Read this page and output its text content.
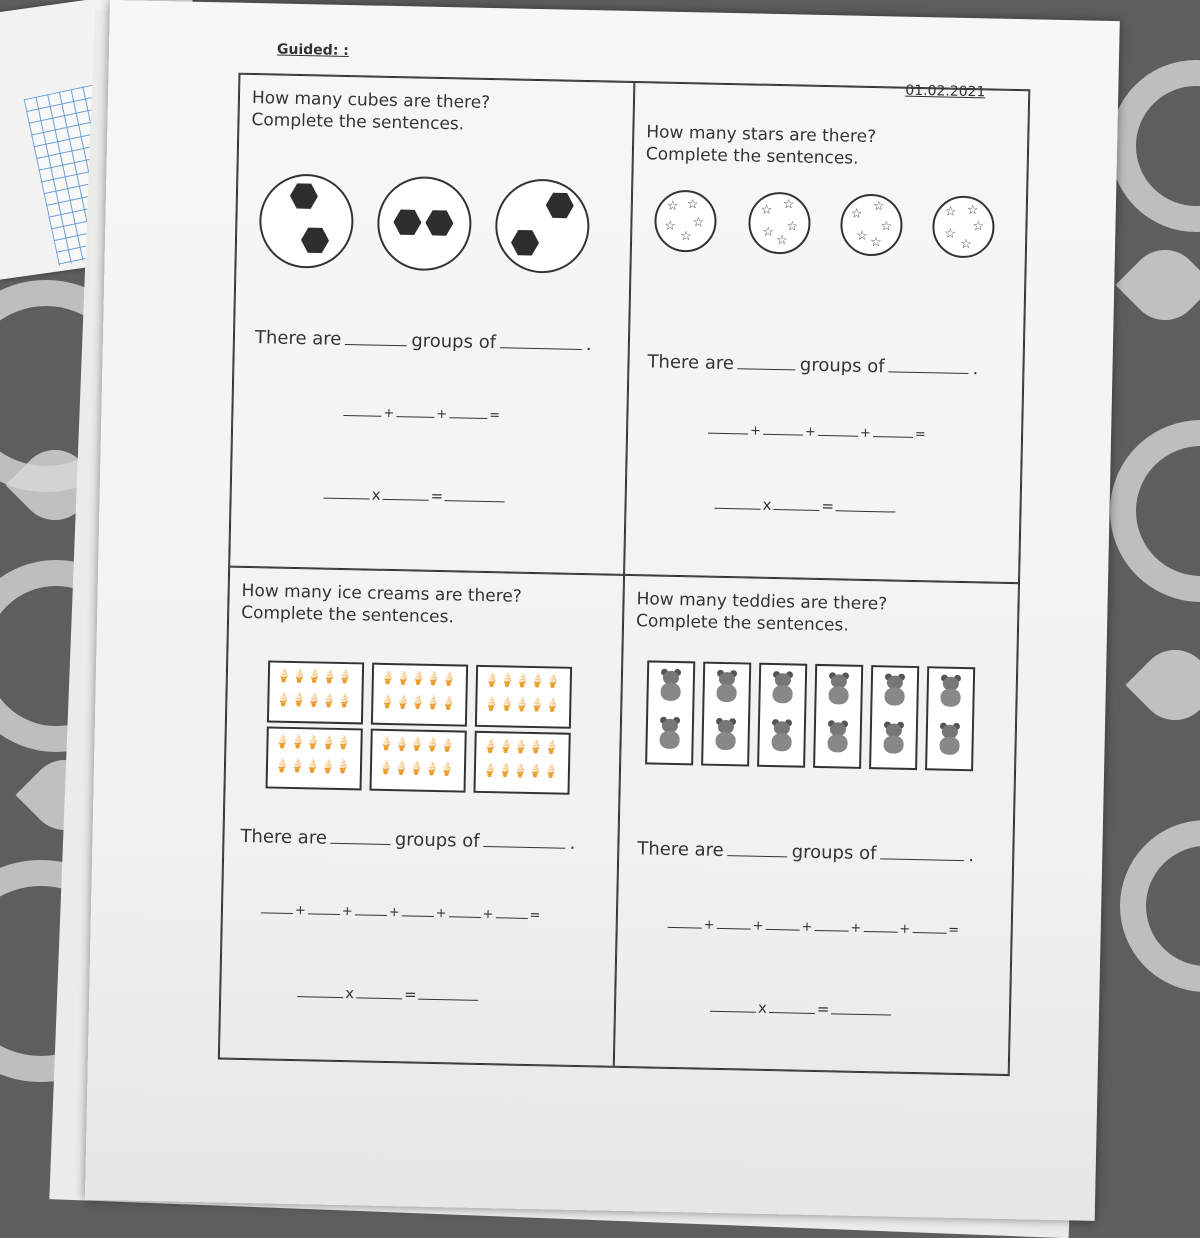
Guided: :
01.02.2021
How many cubes are there?
Complete the sentences.
There are	groups of	.
+	+	=
x	=
How many stars are there?
Complete the sentences.
☆ ☆
☆ ☆
☆
☆ ☆
☆ ☆
☆
☆ ☆
☆
☆
☆
☆ ☆
☆ ☆
☆
There are	groups of	.
+	+	+	=
x	=
How many ice creams are there?
Complete the sentences.
🍦🍦🍦🍦🍦
🍦🍦🍦🍦🍦
🍦🍦🍦🍦🍦
🍦🍦🍦🍦🍦
🍦🍦🍦🍦🍦
🍦🍦🍦🍦🍦
🍦🍦🍦🍦🍦
🍦🍦🍦🍦🍦
🍦🍦🍦🍦🍦
🍦🍦🍦🍦🍦
🍦🍦🍦🍦🍦
🍦🍦🍦🍦🍦
There are	groups of	.
+	+	+	+	+	=
x	=
How many teddies are there?
Complete the sentences.
There are	groups of	.
+	+	+	+	+	=
x	=
